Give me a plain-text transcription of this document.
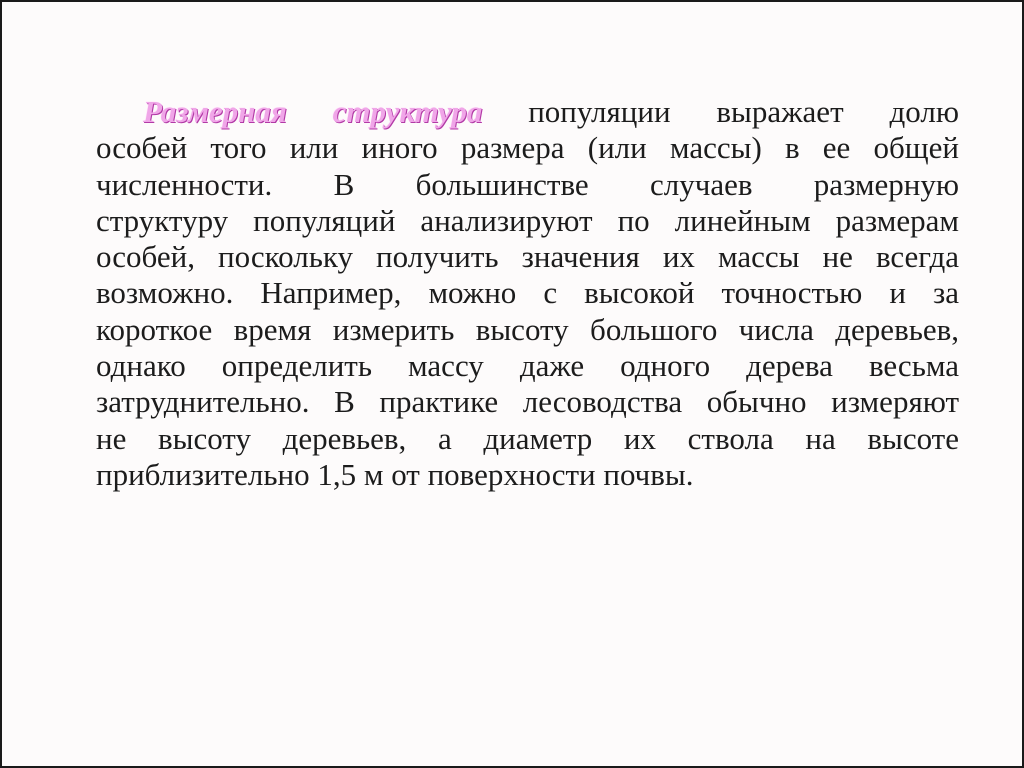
Размерная структура популяции выражает долю
особей того или иного размера (или массы) в ее общей
численности. В большинстве случаев размерную
структуру популяций анализируют по линейным размерам
особей, поскольку получить значения их массы не всегда
возможно. Например, можно с высокой точностью и за
короткое время измерить высоту большого числа деревьев,
однако определить массу даже одного дерева весьма
затруднительно. В практике лесоводства обычно измеряют
не высоту деревьев, а диаметр их ствола на высоте
приблизительно 1,5 м от поверхности почвы.
